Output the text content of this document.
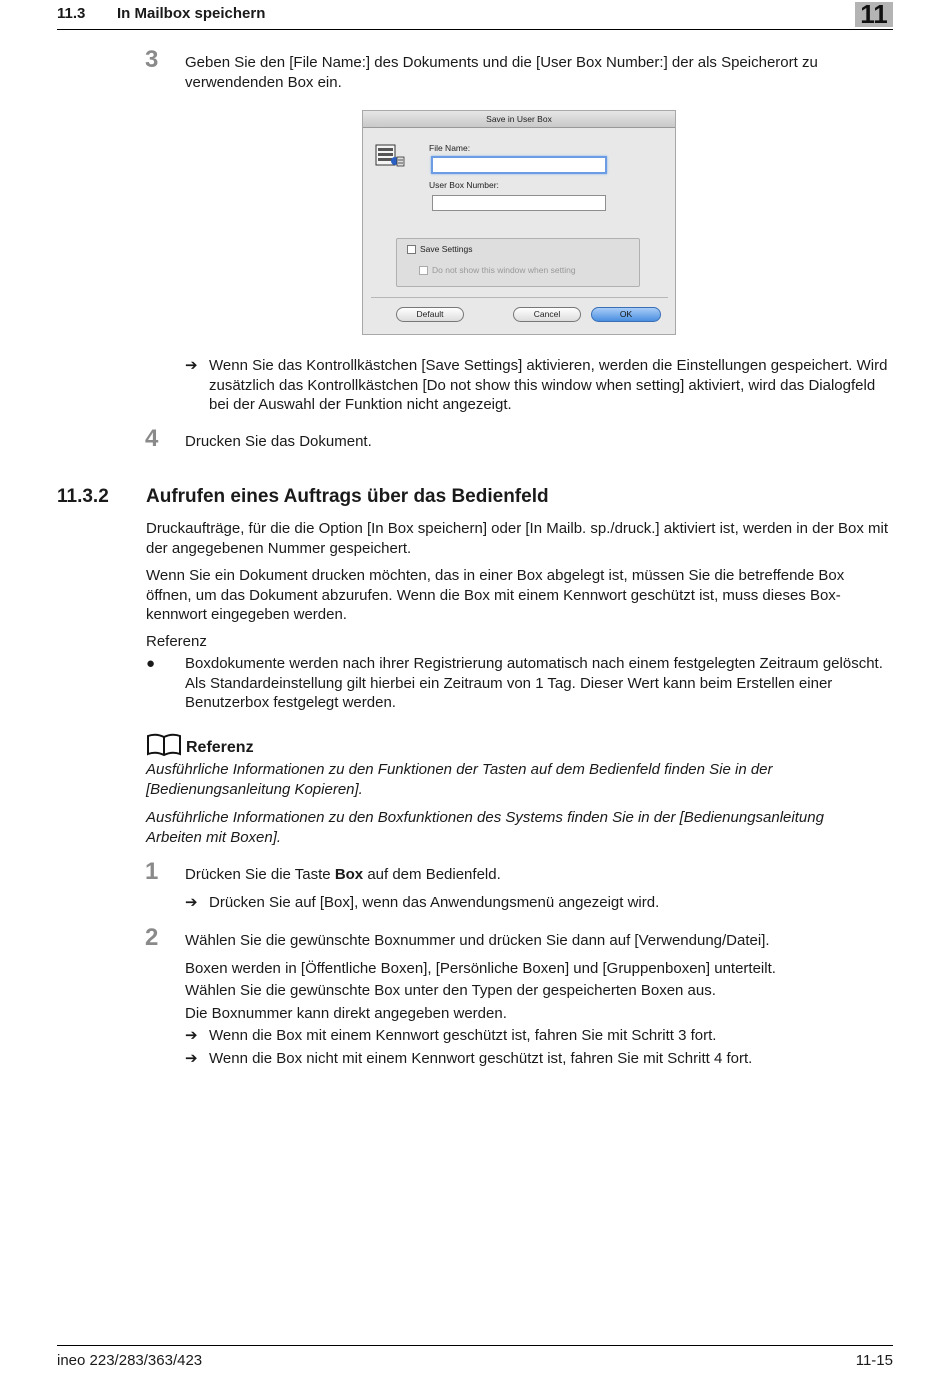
11.3 In Mailbox speichern	11
3 Geben Sie den [File Name:] des Dokuments und die [User Box Number:] der als Speicherort zu verwendenden Box ein.
Save in User Box
File Name:
User Box Number:
Save Settings
Do not show this window when setting
Default	Cancel	OK
➔ Wenn Sie das Kontrollkästchen [Save Settings] aktivieren, werden die Einstellungen gespeichert. Wird zusätzlich das Kontrollkästchen [Do not show this window when setting] aktiviert, wird das Dialogfeld bei der Auswahl der Funktion nicht angezeigt.
4 Drucken Sie das Dokument.
11.3.2 Aufrufen eines Auftrags über das Bedienfeld
Druckaufträge, für die die Option [In Box speichern] oder [In Mailb. sp./druck.] aktiviert ist, werden in der Box mit der angegebenen Nummer gespeichert.
Wenn Sie ein Dokument drucken möchten, das in einer Box abgelegt ist, müssen Sie die betreffende Box öffnen, um das Dokument abzurufen. Wenn die Box mit einem Kennwort geschützt ist, muss dieses Box-kennwort eingegeben werden.
Referenz
● Boxdokumente werden nach ihrer Registrierung automatisch nach einem festgelegten Zeitraum gelöscht. Als Standardeinstellung gilt hierbei ein Zeitraum von 1 Tag. Dieser Wert kann beim Erstellen einer Benutzerbox festgelegt werden.
Referenz
Ausführliche Informationen zu den Funktionen der Tasten auf dem Bedienfeld finden Sie in der [Bedienungsanleitung Kopieren].
Ausführliche Informationen zu den Boxfunktionen des Systems finden Sie in der [Bedienungsanleitung Arbeiten mit Boxen].
1 Drücken Sie die Taste Box auf dem Bedienfeld.
➔ Drücken Sie auf [Box], wenn das Anwendungsmenü angezeigt wird.
2 Wählen Sie die gewünschte Boxnummer und drücken Sie dann auf [Verwendung/Datei].
Boxen werden in [Öffentliche Boxen], [Persönliche Boxen] und [Gruppenboxen] unterteilt.
Wählen Sie die gewünschte Box unter den Typen der gespeicherten Boxen aus.
Die Boxnummer kann direkt angegeben werden.
➔ Wenn die Box mit einem Kennwort geschützt ist, fahren Sie mit Schritt 3 fort.
➔ Wenn die Box nicht mit einem Kennwort geschützt ist, fahren Sie mit Schritt 4 fort.
ineo 223/283/363/423	11-15
